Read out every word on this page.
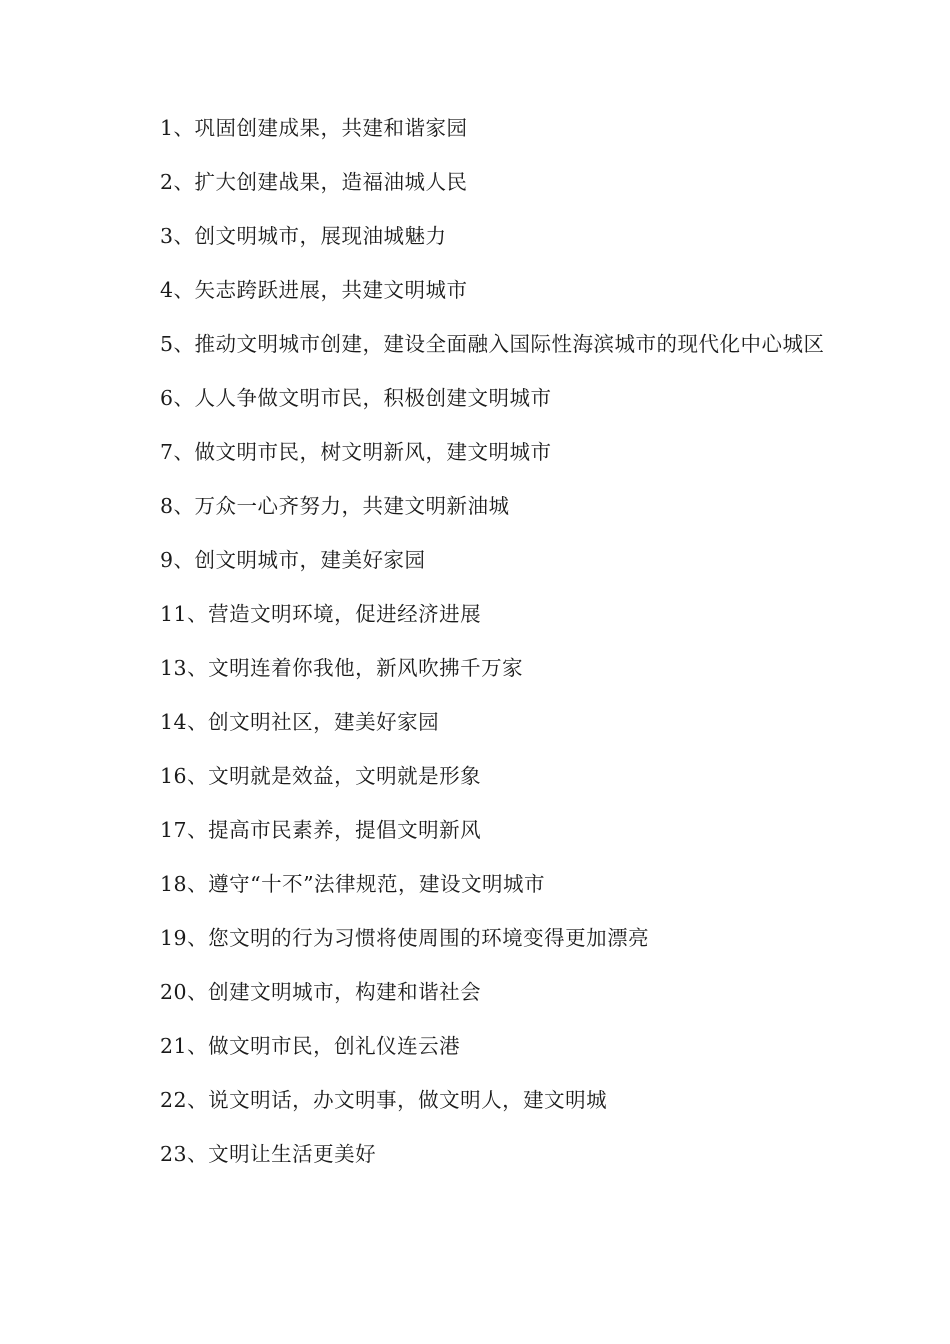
1、巩固创建成果，共建和谐家园

2、扩大创建战果，造福油城人民

3、创文明城市，展现油城魅力

4、矢志跨跃进展，共建文明城市

5、推动文明城市创建，建设全面融入国际性海滨城市的现代化中心城区

6、人人争做文明市民，积极创建文明城市

7、做文明市民，树文明新风，建文明城市

8、万众一心齐努力，共建文明新油城

9、创文明城市，建美好家园

11、营造文明环境，促进经济进展

13、文明连着你我他，新风吹拂千万家

14、创文明社区，建美好家园

16、文明就是效益，文明就是形象

17、提高市民素养，提倡文明新风

18、遵守“十不”法律规范，建设文明城市

19、您文明的行为习惯将使周围的环境变得更加漂亮

20、创建文明城市，构建和谐社会

21、做文明市民，创礼仪连云港

22、说文明话，办文明事，做文明人，建文明城

23、文明让生活更美好
